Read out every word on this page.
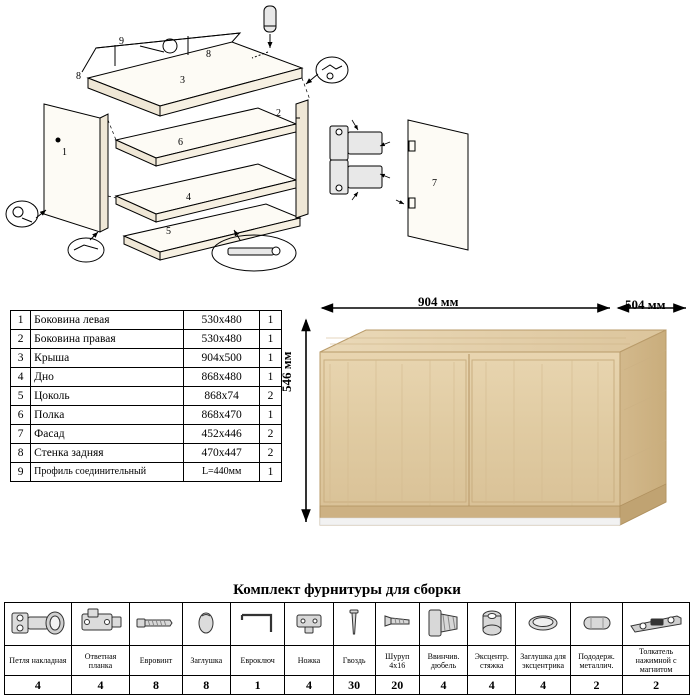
9
8
8
3
1
6
4
5
2
7
1	Боковина левая	530х480	1
2	Боковина правая	530х480	1
3	Крыша	904х500	1
4	Дно	868х480	1
5	Цоколь	868х74	2
6	Полка	868х470	1
7	Фасад	452х446	2
8	Стенка задняя	470х447	2
9	Профиль соединительный	L=440мм	1
904 мм	504 мм
546 мм
Комплект фурнитуры для сборки

Петля накладная	Ответная планка	Евровинт	Заглушка	Евроключ	Ножка	Гвоздь	Шуруп 4х16	Ввинчив. дюбель	Эксцентр. стяжка	Заглушка для эксцентрика	Пододерж. металлич.	Толкатель нажимной с магнитом
4	4	8	8	1	4	30	20	4	4	4	2	2
